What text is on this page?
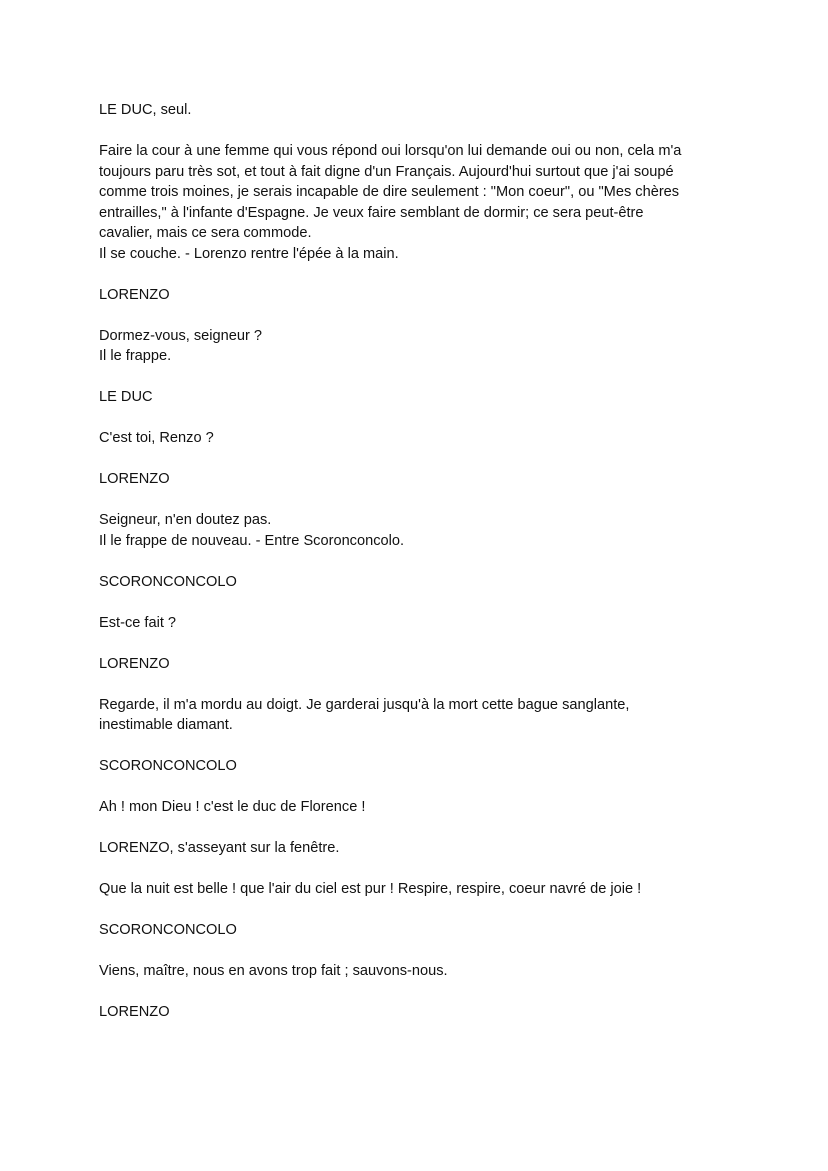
LE DUC, seul.
Faire la cour à une femme qui vous répond oui lorsqu'on lui demande oui ou non, cela m'a
toujours paru très sot, et tout à fait digne d'un Français. Aujourd'hui surtout que j'ai soupé
comme trois moines, je serais incapable de dire seulement : "Mon coeur", ou "Mes chères
entrailles," à l'infante d'Espagne. Je veux faire semblant de dormir; ce sera peut-être
cavalier, mais ce sera commode.
Il se couche. - Lorenzo rentre l'épée à la main.
LORENZO
Dormez-vous, seigneur ?
Il le frappe.
LE DUC
C'est toi, Renzo ?
LORENZO
Seigneur, n'en doutez pas.
Il le frappe de nouveau. - Entre Scoronconcolo.
SCORONCONCOLO
Est-ce fait ?
LORENZO
Regarde, il m'a mordu au doigt. Je garderai jusqu'à la mort cette bague sanglante,
inestimable diamant.
SCORONCONCOLO
Ah ! mon Dieu ! c'est le duc de Florence !
LORENZO, s'asseyant sur la fenêtre.
Que la nuit est belle ! que l'air du ciel est pur ! Respire, respire, coeur navré de joie !
SCORONCONCOLO
Viens, maître, nous en avons trop fait ; sauvons-nous.
LORENZO
